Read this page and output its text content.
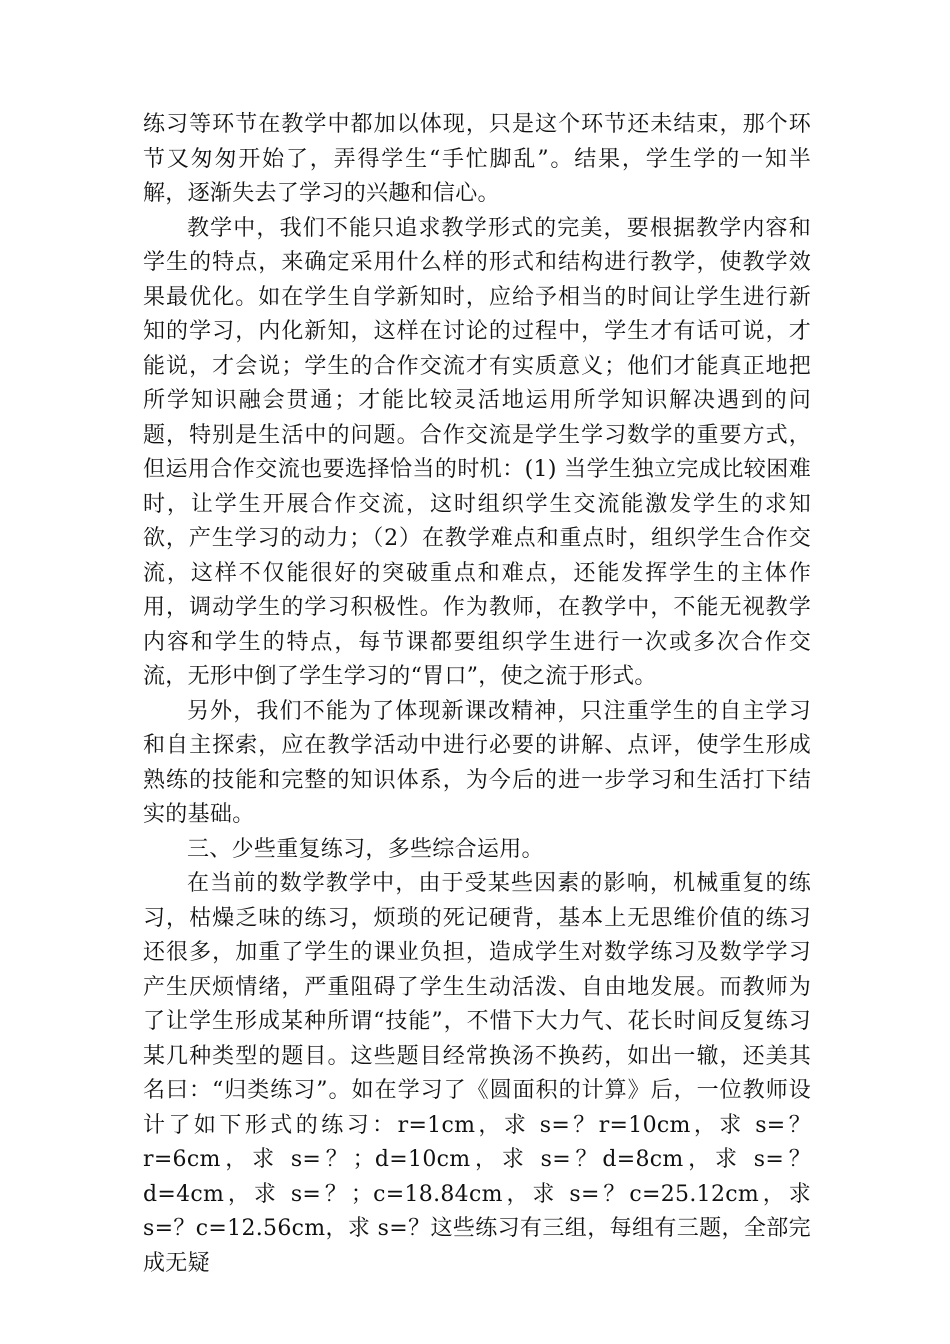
练习等环节在教学中都加以体现，只是这个环节还未结束，那个环节又匆匆开始了，弄得学生“手忙脚乱”。结果，学生学的一知半解，逐渐失去了学习的兴趣和信心。

教学中，我们不能只追求教学形式的完美，要根据教学内容和学生的特点，来确定采用什么样的形式和结构进行教学，使教学效果最优化。如在学生自学新知时，应给予相当的时间让学生进行新知的学习，内化新知，这样在讨论的过程中，学生才有话可说，才能说，才会说；学生的合作交流才有实质意义；他们才能真正地把所学知识融会贯通；才能比较灵活地运用所学知识解决遇到的问题，特别是生活中的问题。合作交流是学生学习数学的重要方式，但运用合作交流也要选择恰当的时机：(1) 当学生独立完成比较困难时，让学生开展合作交流，这时组织学生交流能激发学生的求知欲，产生学习的动力；（2）在教学难点和重点时，组织学生合作交流，这样不仅能很好的突破重点和难点，还能发挥学生的主体作用，调动学生的学习积极性。作为教师，在教学中，不能无视教学内容和学生的特点，每节课都要组织学生进行一次或多次合作交流，无形中倒了学生学习的“胃口”，使之流于形式。

另外，我们不能为了体现新课改精神，只注重学生的自主学习和自主探索，应在教学活动中进行必要的讲解、点评，使学生形成熟练的技能和完整的知识体系，为今后的进一步学习和生活打下结实的基础。

三、少些重复练习，多些综合运用。

在当前的数学教学中，由于受某些因素的影响，机械重复的练习，枯燥乏味的练习，烦琐的死记硬背，基本上无思维价值的练习还很多，加重了学生的课业负担，造成学生对数学练习及数学学习产生厌烦情绪，严重阻碍了学生生动活泼、自由地发展。而教师为了让学生形成某种所谓“技能”，不惜下大力气、花长时间反复练习某几种类型的题目。这些题目经常换汤不换药，如出一辙，还美其名曰：“归类练习”。如在学习了《圆面积的计算》后，一位教师设计了如下形式的练习：r=1cm，求 s=？r=10cm，求 s=？r=6cm，求 s=？；d=10cm，求 s=？d=8cm，求 s=？d=4cm，求 s=？；c=18.84cm，求 s=？c=25.12cm，求 s=？c=12.56cm，求 s=？这些练习有三组，每组有三题，全部完成无疑
